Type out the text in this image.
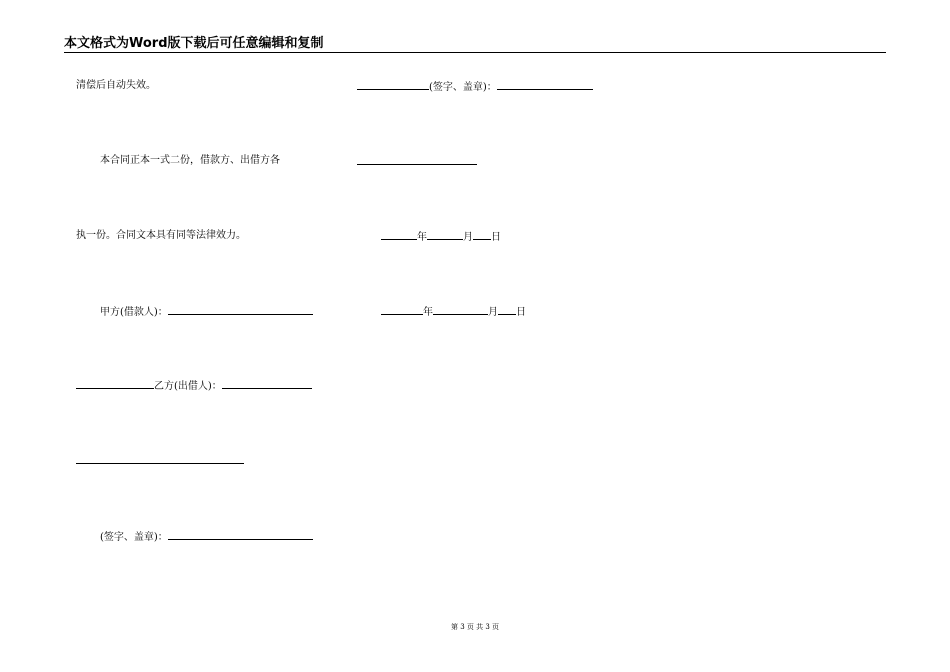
本文格式为Word版下载后可任意编辑和复制
清偿后自动失效。
本合同正本一式二份，借款方、出借方各
执一份。合同文本具有同等法律效力。
甲方(借款人)：
乙方(出借人)：
(签字、盖章)：
(签字、盖章)：
年	月 日
年	月 日
第 3 页 共 3 页
